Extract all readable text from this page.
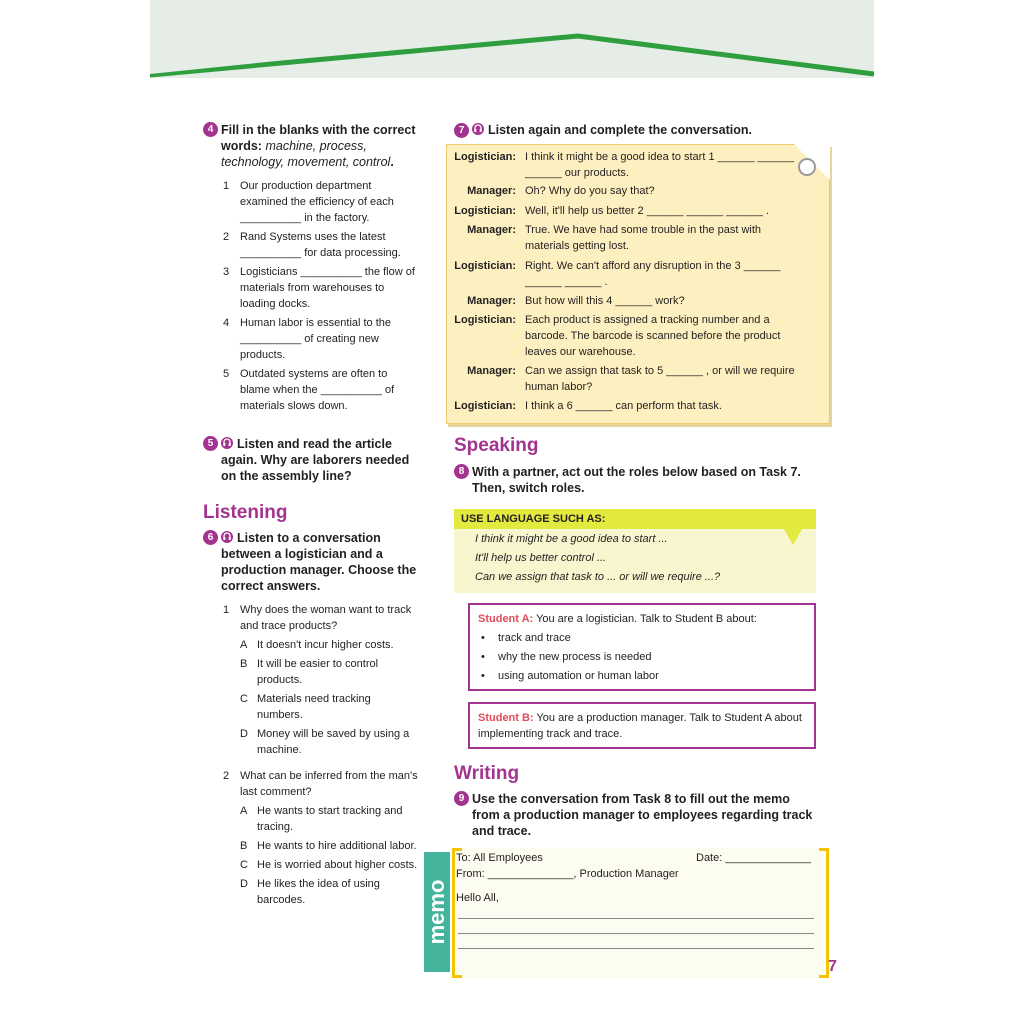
4 Fill in the blanks with the correct words: machine, process, technology, movement, control.
1 Our production department examined the efficiency of each __________ in the factory.
2 Rand Systems uses the latest __________ for data processing.
3 Logisticians __________ the flow of materials from warehouses to loading docks.
4 Human labor is essential to the __________ of creating new products.
5 Outdated systems are often to blame when the __________ of materials slows down.
5	Listen and read the article again. Why are laborers needed on the assembly line?
Listening
6	Listen to a conversation between a logistician and a production manager. Choose the correct answers.
1 Why does the woman want to track and trace products?
A It doesn't incur higher costs.
B It will be easier to control products.
C Materials need tracking numbers.
D Money will be saved by using a machine.
2 What can be inferred from the man's last comment?
A He wants to start tracking and tracing.
B He wants to hire additional labor.
C He is worried about higher costs.
D He likes the idea of using barcodes.
7 Listen again and complete the conversation.
Logistician: I think it might be a good idea to start 1 ______ ______ ______ our products.
Manager: Oh? Why do you say that?
Logistician: Well, it'll help us better 2 ______ ______ ______ .
Manager: True. We have had some trouble in the past with materials getting lost.
Logistician: Right. We can't afford any disruption in the 3 ______ ______ ______ .
Manager: But how will this 4 ______ work?
Logistician: Each product is assigned a tracking number and a barcode. The barcode is scanned before the product leaves our warehouse.
Manager: Can we assign that task to 5 ______ , or will we require human labor?
Logistician: I think a 6 ______ can perform that task.
Speaking
8 With a partner, act out the roles below based on Task 7. Then, switch roles.
USE LANGUAGE SUCH AS:
I think it might be a good idea to start ...
It'll help us better control ...
Can we assign that task to ... or will we require ...?
Student A: You are a logistician. Talk to Student B about:
•	track and trace
•	why the new process is needed
•	using automation or human labor
Student B: You are a production manager. Talk to Student A about implementing track and trace.
Writing
9 Use the conversation from Task 8 to fill out the memo from a production manager to employees regarding track and trace.
memo
To: All Employees	Date: ______________
From: ______________, Production Manager
Hello All,
7
